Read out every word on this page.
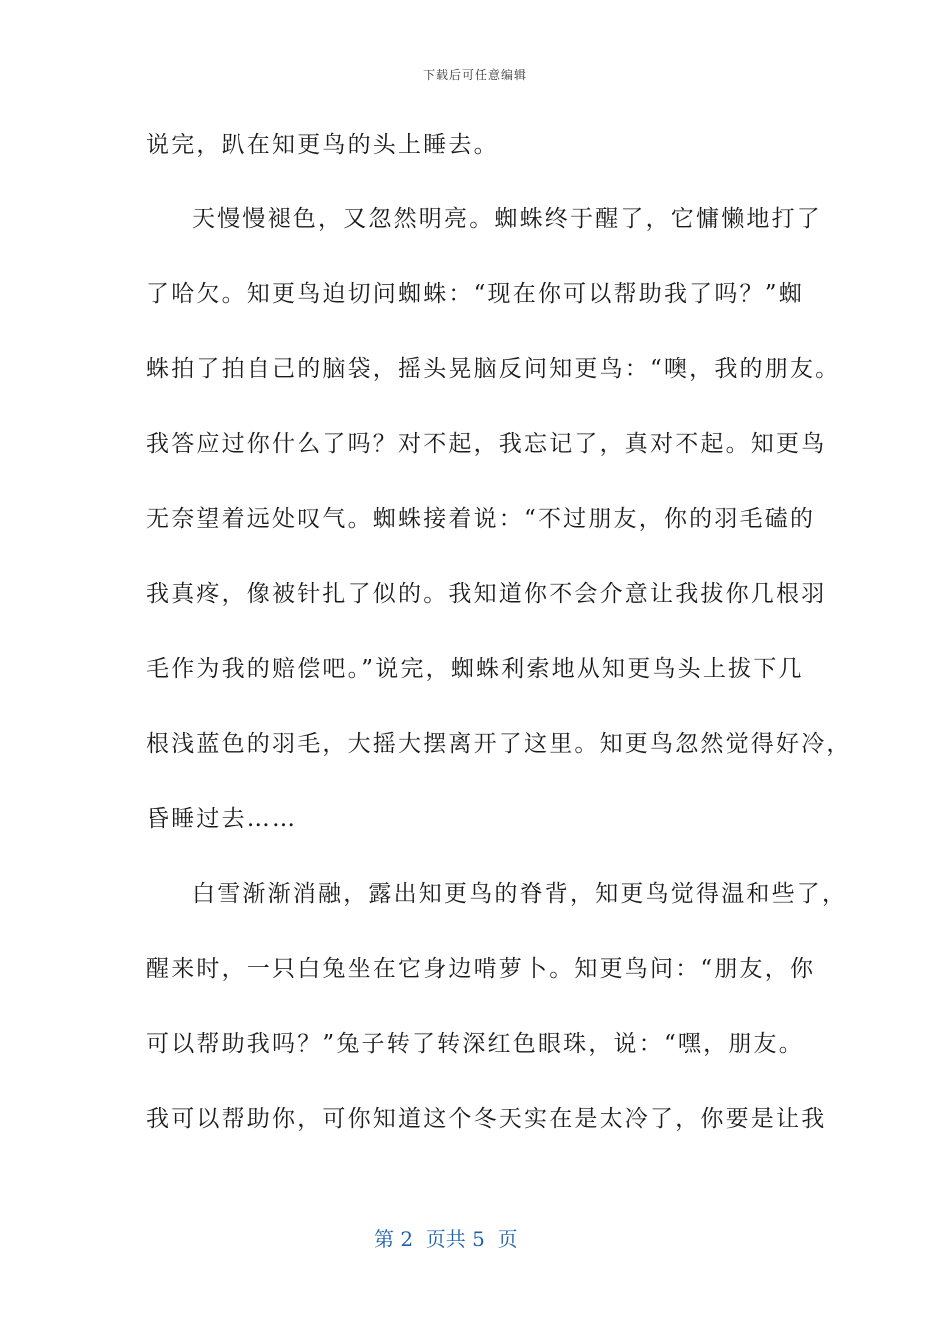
下载后可任意编辑
说完，趴在知更鸟的头上睡去。
天慢慢褪色，又忽然明亮。蜘蛛终于醒了，它慵懒地打了
了哈欠。知更鸟迫切问蜘蛛：“现在你可以帮助我了吗？”蜘
蛛拍了拍自己的脑袋，摇头晃脑反问知更鸟：“噢，我的朋友。
我答应过你什么了吗？对不起，我忘记了，真对不起。知更鸟
无奈望着远处叹气。蜘蛛接着说：“不过朋友，你的羽毛磕的
我真疼，像被针扎了似的。我知道你不会介意让我拔你几根羽
毛作为我的赔偿吧。”说完，蜘蛛利索地从知更鸟头上拔下几
根浅蓝色的羽毛，大摇大摆离开了这里。知更鸟忽然觉得好冷，
昏睡过去……
白雪渐渐消融，露出知更鸟的脊背，知更鸟觉得温和些了，
醒来时，一只白兔坐在它身边啃萝卜。知更鸟问：“朋友，你
可以帮助我吗？”兔子转了转深红色眼珠，说：“嘿，朋友。
我可以帮助你，可你知道这个冬天实在是太冷了，你要是让我
第 2  页共 5  页
